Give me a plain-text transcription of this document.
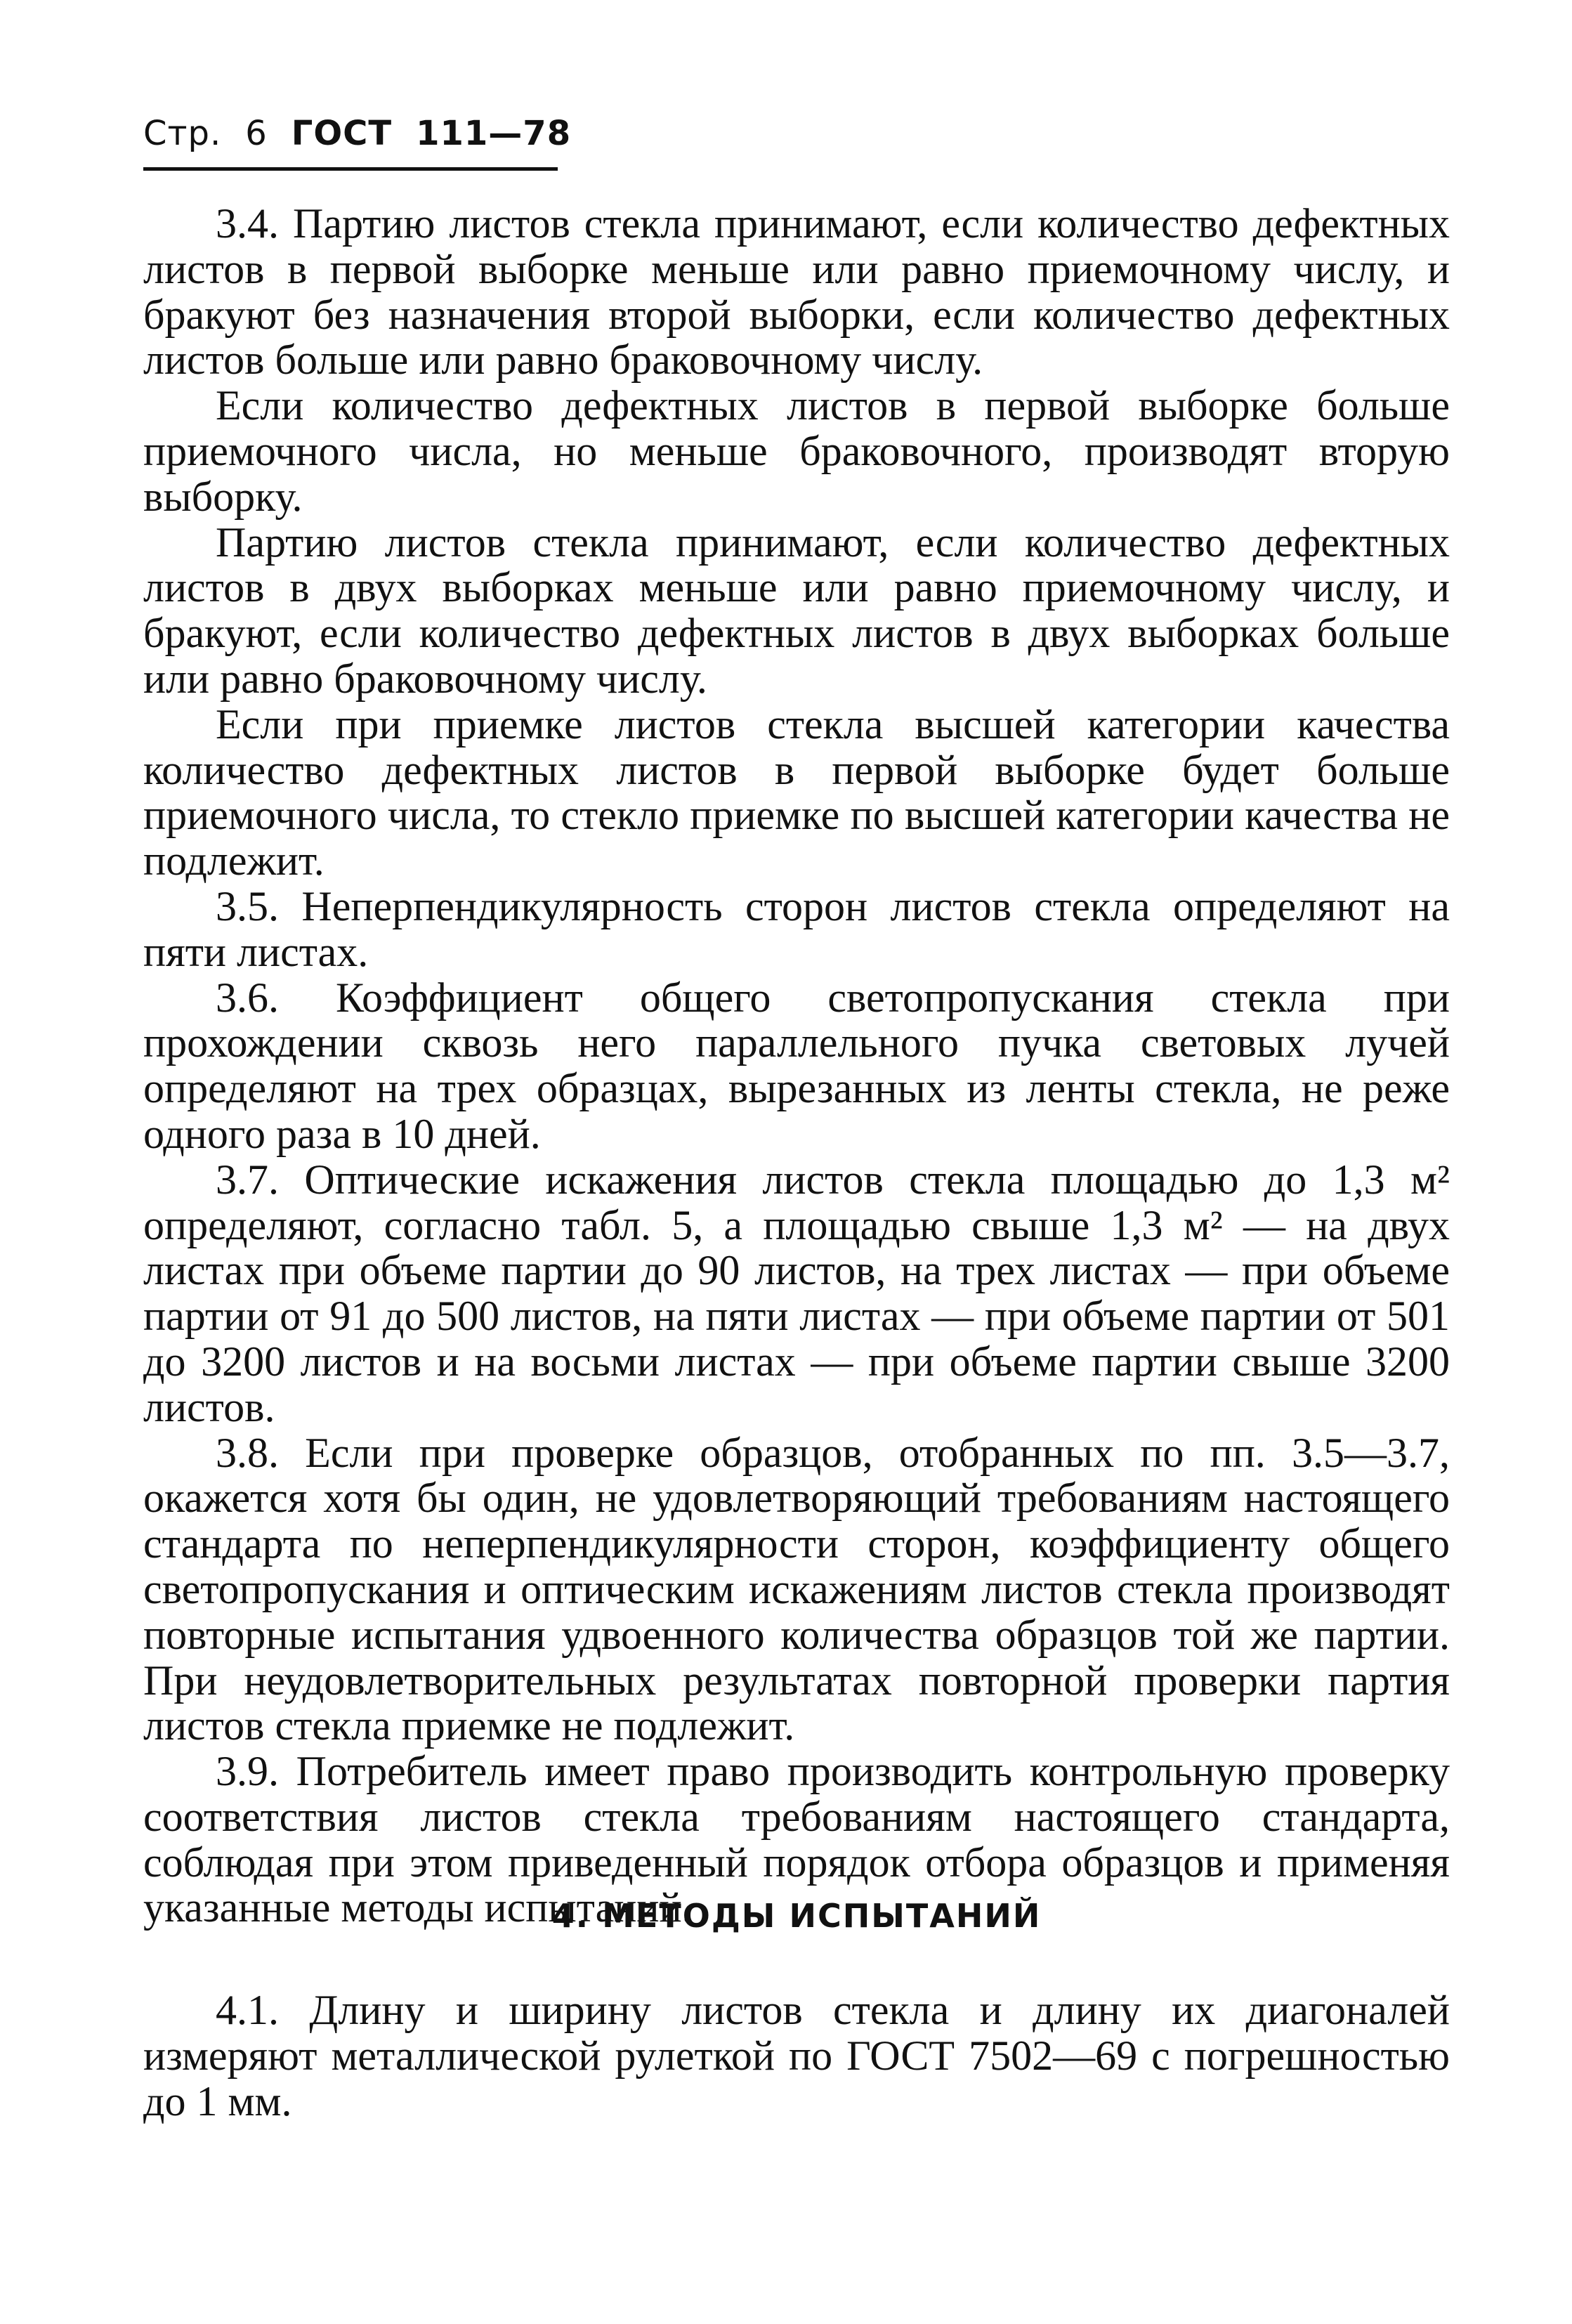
Стр. 6 ГОСТ 111—78

3.4. Партию листов стекла принимают, если количество дефектных листов в первой выборке меньше или равно приемочному числу, и бракуют без назначения второй выборки, если количество дефектных листов больше или равно браковочному числу.

Если количество дефектных листов в первой выборке больше приемочного числа, но меньше браковочного, производят вторую выборку.

Партию листов стекла принимают, если количество дефектных листов в двух выборках меньше или равно приемочному числу, и бракуют, если количество дефектных листов в двух выборках больше или равно браковочному числу.

Если при приемке листов стекла высшей категории качества количество дефектных листов в первой выборке будет больше приемочного числа, то стекло приемке по высшей категории качества не подлежит.

3.5. Неперпендикулярность сторон листов стекла определяют на пяти листах.

3.6. Коэффициент общего светопропускания стекла при прохождении сквозь него параллельного пучка световых лучей определяют на трех образцах, вырезанных из ленты стекла, не реже одного раза в 10 дней.

3.7. Оптические искажения листов стекла площадью до 1,3 м² определяют, согласно табл. 5, а площадью свыше 1,3 м² — на двух листах при объеме партии до 90 листов, на трех листах — при объеме партии от 91 до 500 листов, на пяти листах — при объеме партии от 501 до 3200 листов и на восьми листах — при объеме партии свыше 3200 листов.

3.8. Если при проверке образцов, отобранных по пп. 3.5—3.7, окажется хотя бы один, не удовлетворяющий требованиям настоящего стандарта по неперпендикулярности сторон, коэффициенту общего светопропускания и оптическим искажениям листов стекла производят повторные испытания удвоенного количества образцов той же партии. При неудовлетворительных результатах повторной проверки партия листов стекла приемке не подлежит.

3.9. Потребитель имеет право производить контрольную проверку соответствия листов стекла требованиям настоящего стандарта, соблюдая при этом приведенный порядок отбора образцов и применяя указанные методы испытаний.

4. МЕТОДЫ ИСПЫТАНИЙ

4.1. Длину и ширину листов стекла и длину их диагоналей измеряют металлической рулеткой по ГОСТ 7502—69 с погрешностью до 1 мм.
